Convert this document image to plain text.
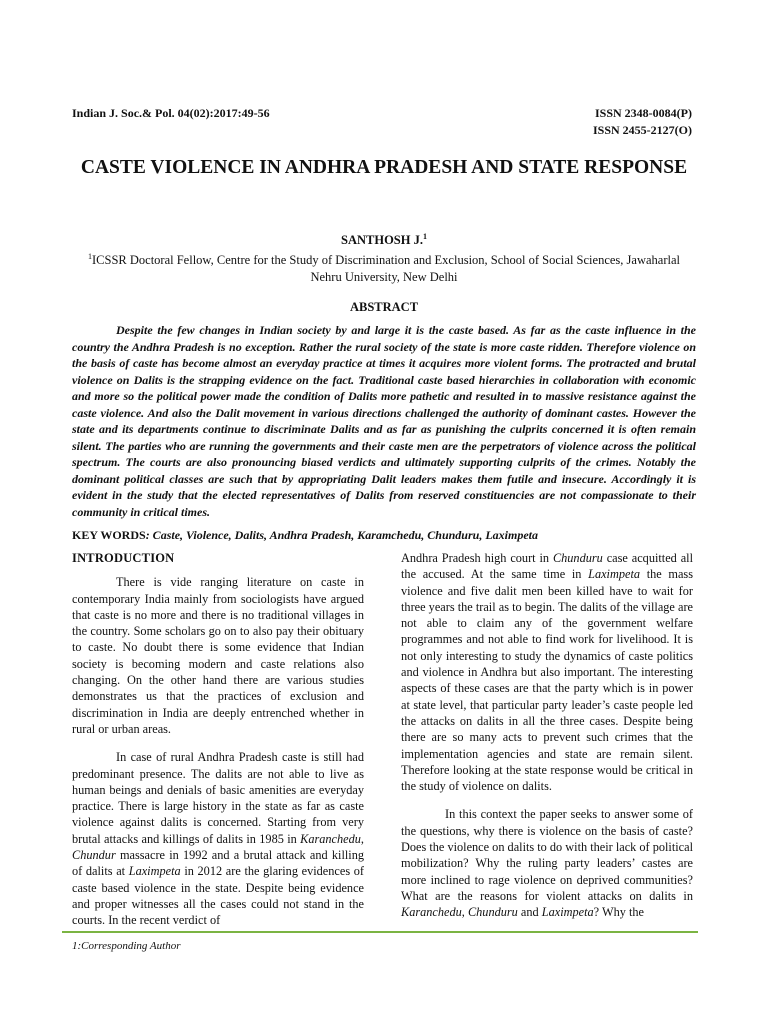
Indian J. Soc.& Pol. 04(02):2017:49-56	ISSN 2348-0084(P)
ISSN 2455-2127(O)
CASTE VIOLENCE IN ANDHRA PRADESH AND STATE RESPONSE
SANTHOSH J.$^1$
$^1$ICSSR Doctoral Fellow, Centre for the Study of Discrimination and Exclusion, School of Social Sciences, Jawaharlal Nehru University, New Delhi
ABSTRACT

Despite the few changes in Indian society by and large it is the caste based. As far as the caste influence in the country the Andhra Pradesh is no exception. Rather the rural society of the state is more caste ridden. Therefore violence on the basis of caste has become almost an everyday practice at times it acquires more violent forms. The protracted and brutal violence on Dalits is the strapping evidence on the fact. Traditional caste based hierarchies in collaboration with economic and more so the political power made the condition of Dalits more pathetic and resulted in to massive resistance against the caste violence. And also the Dalit movement in various directions challenged the authority of dominant castes. However the state and its departments continue to discriminate Dalits and as far as punishing the culprits concerned it is often remain silent. The parties who are running the governments and their caste men are the perpetrators of violence across the political spectrum. The courts are also pronouncing biased verdicts and ultimately supporting culprits of the crimes. Notably the dominant political classes are such that by appropriating Dalit leaders makes them futile and insecure. Accordingly it is evident in the study that the elected representatives of Dalits from reserved constituencies are not compassionate to their community in critical times.

KEY WORDS: Caste, Violence, Dalits, Andhra Pradesh, Karamchedu, Chunduru, Laximpeta
INTRODUCTION

There is vide ranging literature on caste in contemporary India mainly from sociologists have argued that caste is no more and there is no traditional villages in the country. Some scholars go on to also pay their obituary to caste. No doubt there is some evidence that Indian society is becoming modern and caste relations also changing. On the other hand there are various studies demonstrates us that the practices of exclusion and discrimination in India are deeply entrenched whether in rural or urban areas.

In case of rural Andhra Pradesh caste is still had predominant presence. The dalits are not able to live as human beings and denials of basic amenities are everyday practice. There is large history in the state as far as caste violence against dalits is concerned. Starting from very brutal attacks and killings of dalits in 1985 in Karanchedu, Chundur massacre in 1992 and a brutal attack and killing of dalits at Laximpeta in 2012 are the glaring evidences of caste based violence in the state. Despite being evidence and proper witnesses all the cases could not stand in the courts. In the recent verdict of

Andhra Pradesh high court in Chunduru case acquitted all the accused. At the same time in Laximpeta the mass violence and five dalit men been killed have to wait for three years the trail as to begin. The dalits of the village are not able to claim any of the government welfare programmes and not able to find work for livelihood. It is not only interesting to study the dynamics of caste politics and violence in Andhra but also important. The interesting aspects of these cases are that the party which is in power at state level, that particular party leader’s caste people led the attacks on dalits in all the three cases. Despite being there are so many acts to prevent such crimes that the implementation agencies and state are remain silent. Therefore looking at the state response would be critical in the study of violence on dalits.

In this context the paper seeks to answer some of the questions, why there is violence on the basis of caste? Does the violence on dalits to do with their lack of political mobilization? Why the ruling party leaders’ castes are more inclined to rage violence on deprived communities? What are the reasons for violent attacks on dalits in Karanchedu, Chunduru and Laximpeta? Why the

1:Corresponding Author
